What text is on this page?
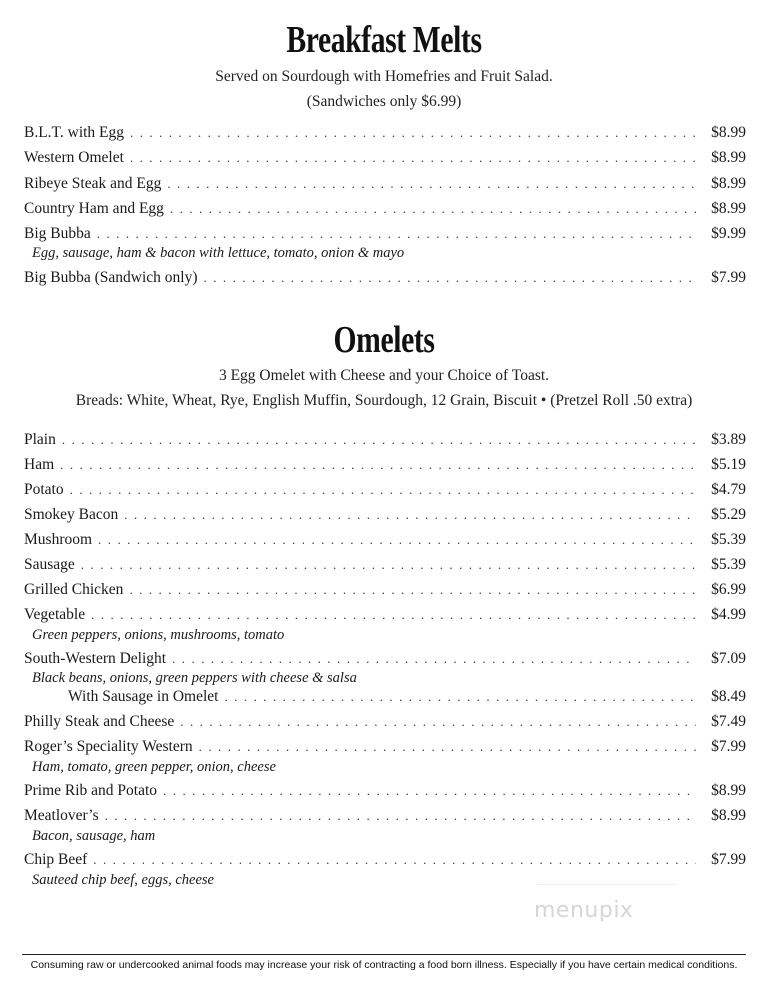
Breakfast Melts
Served on Sourdough with Homefries and Fruit Salad.
(Sandwiches only $6.99)
B.L.T. with Egg . . .	$8.99
Western Omelet . . .	$8.99
Ribeye Steak and Egg . . .	$8.99
Country Ham and Egg . . .	$8.99
Big Bubba . . .	$9.99
Egg, sausage, ham & bacon with lettuce, tomato, onion & mayo
Big Bubba (Sandwich only) . . .	$7.99
Omelets
3 Egg Omelet with Cheese and your Choice of Toast.
Breads: White, Wheat, Rye, English Muffin, Sourdough, 12 Grain, Biscuit • (Pretzel Roll .50 extra)
Plain . . .	$3.89
Ham . . .	$5.19
Potato . . .	$4.79
Smokey Bacon . . .	$5.29
Mushroom . . .	$5.39
Sausage . . .	$5.39
Grilled Chicken . . .	$6.99
Vegetable . . .	$4.99
Green peppers, onions, mushrooms, tomato
South-Western Delight . . .	$7.09
Black beans, onions, green peppers with cheese & salsa
With Sausage in Omelet . . .	$8.49
Philly Steak and Cheese . . .	$7.49
Roger’s Speciality Western . . .	$7.99
Ham, tomato, green pepper, onion, cheese
Prime Rib and Potato . . .	$8.99
Meatlover’s . . .	$8.99
Bacon, sausage, ham
Chip Beef . . .	$7.99
Sauteed chip beef, eggs, cheese
menupix
Consuming raw or undercooked animal foods may increase your risk of contracting a food born illness. Especially if you have certain medical conditions.
